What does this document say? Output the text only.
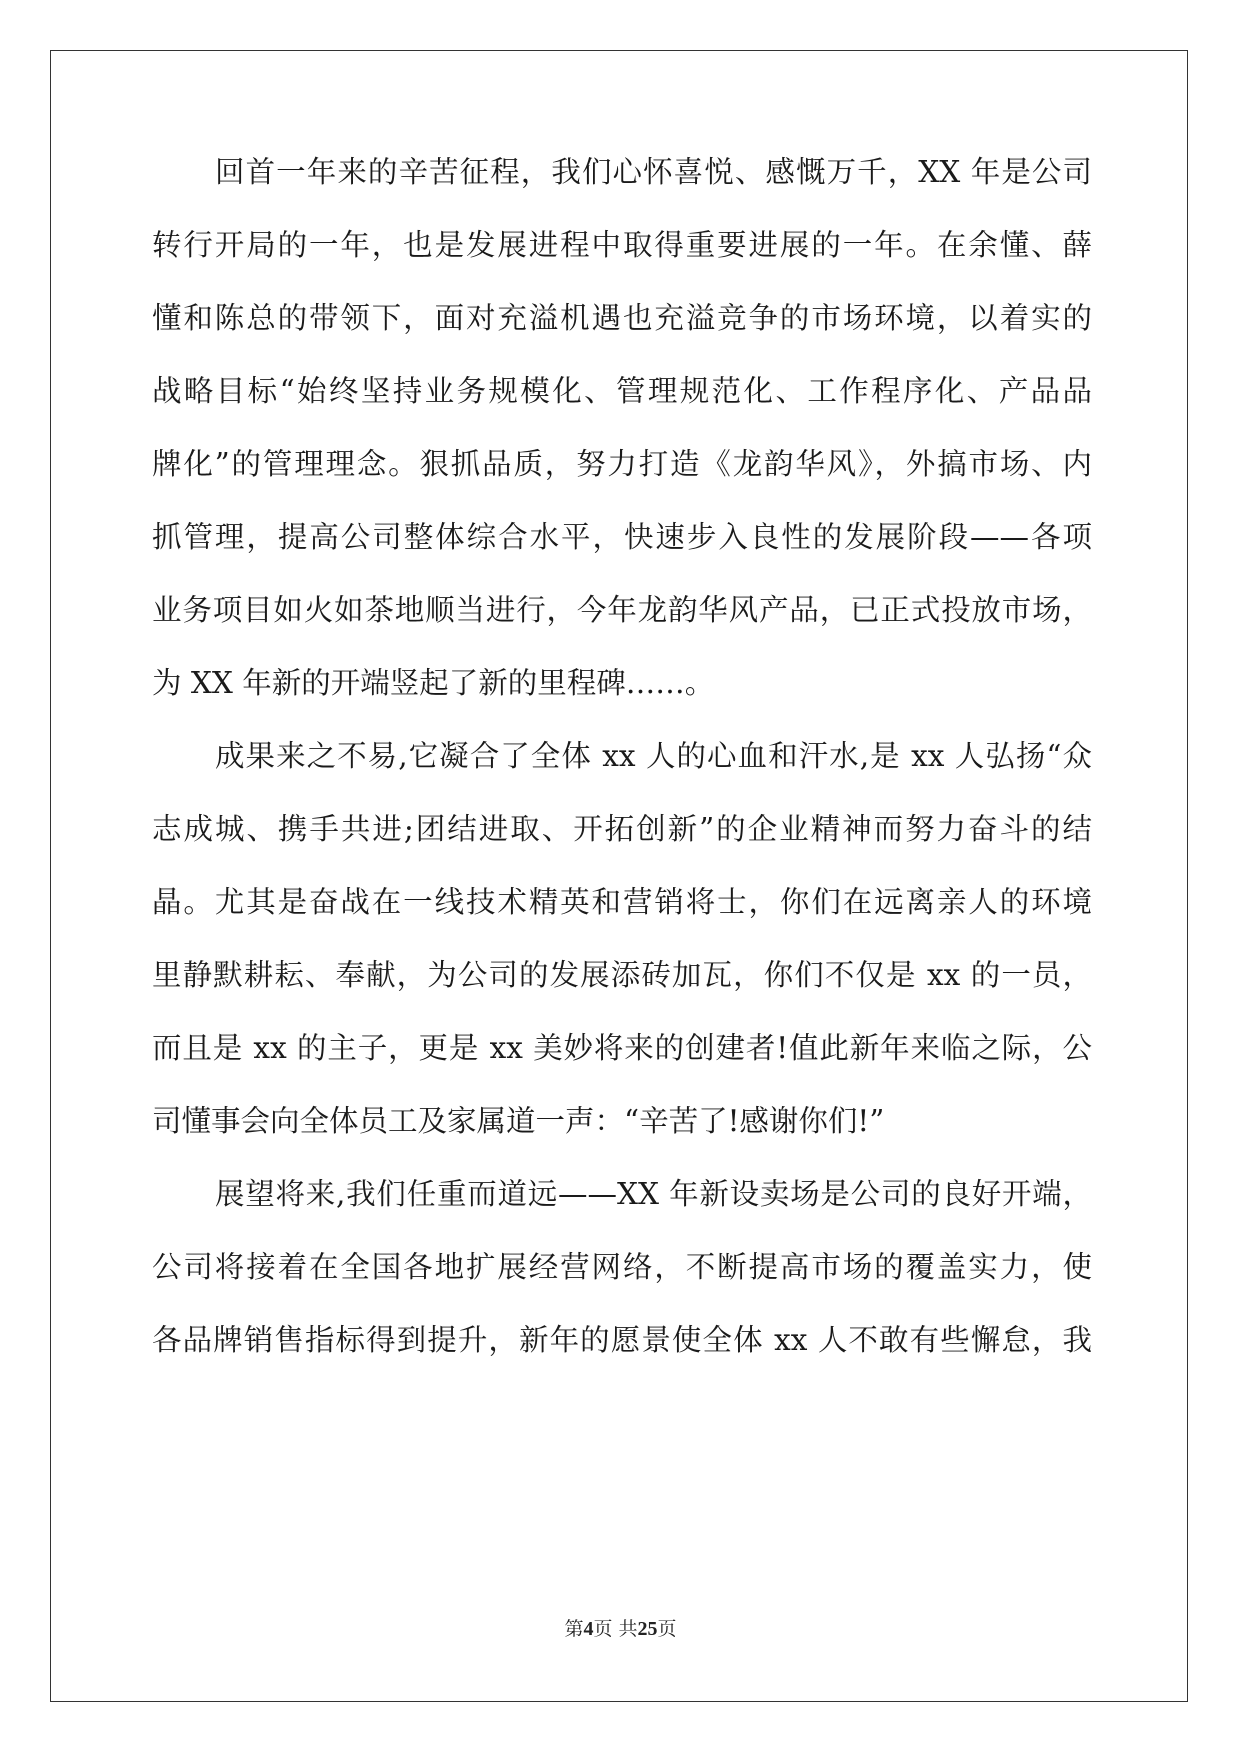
回首一年来的辛苦征程，我们心怀喜悦、感慨万千，XX 年是公司
转行开局的一年，也是发展进程中取得重要进展的一年。在余懂、薛
懂和陈总的带领下，面对充溢机遇也充溢竞争的市场环境，以着实的
战略目标“始终坚持业务规模化、管理规范化、工作程序化、产品品
牌化”的管理理念。狠抓品质，努力打造《龙韵华风》，外搞市场、内
抓管理，提高公司整体综合水平，快速步入良性的发展阶段——各项
业务项目如火如茶地顺当进行，今年龙韵华风产品，已正式投放市场，
为 XX 年新的开端竖起了新的里程碑……。
成果来之不易,它凝合了全体 xx 人的心血和汗水,是 xx 人弘扬“众
志成城、携手共进;团结进取、开拓创新”的企业精神而努力奋斗的结
晶。尤其是奋战在一线技术精英和营销将士，你们在远离亲人的环境
里静默耕耘、奉献，为公司的发展添砖加瓦，你们不仅是 xx 的一员，
而且是 xx 的主子，更是 xx 美妙将来的创建者!值此新年来临之际，公
司懂事会向全体员工及家属道一声：“辛苦了!感谢你们!”
展望将来,我们任重而道远——XX 年新设卖场是公司的良好开端，
公司将接着在全国各地扩展经营网络，不断提高市场的覆盖实力，使
各品牌销售指标得到提升，新年的愿景使全体 xx 人不敢有些懈怠，我
第4页 共25页
